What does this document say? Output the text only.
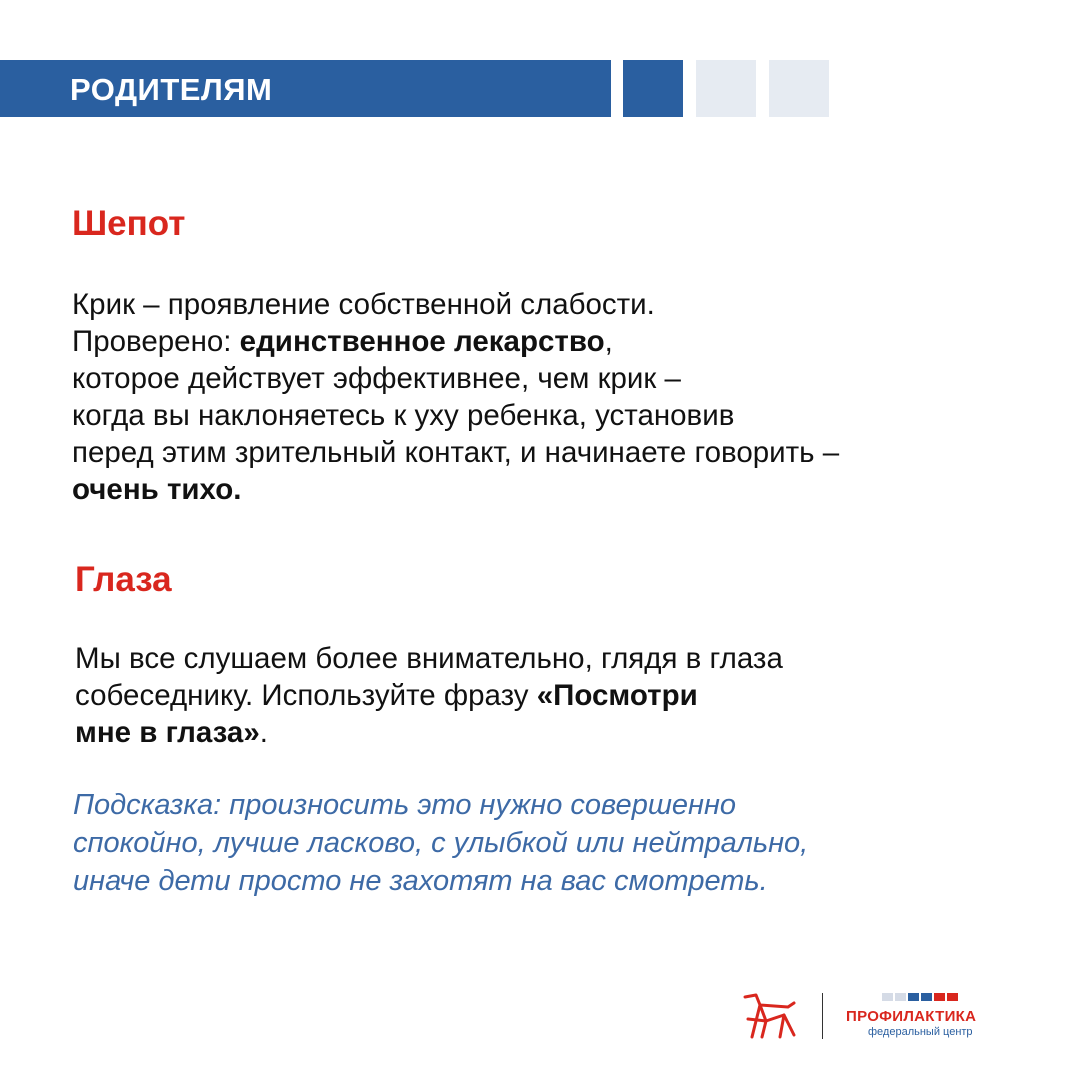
РОДИТЕЛЯМ
Шепот
Крик – проявление собственной слабости.
Проверено: единственное лекарство,
которое действует эффективнее, чем крик –
когда вы наклоняетесь к уху ребенка, установив
перед этим зрительный контакт, и начинаете говорить –
очень тихо.
Глаза
Мы все слушаем более внимательно, глядя в глаза
собеседнику. Используйте фразу «Посмотри
мне в глаза».
Подсказка: произносить это нужно совершенно
спокойно, лучше ласково, с улыбкой или нейтрально,
иначе дети просто не захотят на вас смотреть.
ПРОФИЛАКТИКА
федеральный центр
